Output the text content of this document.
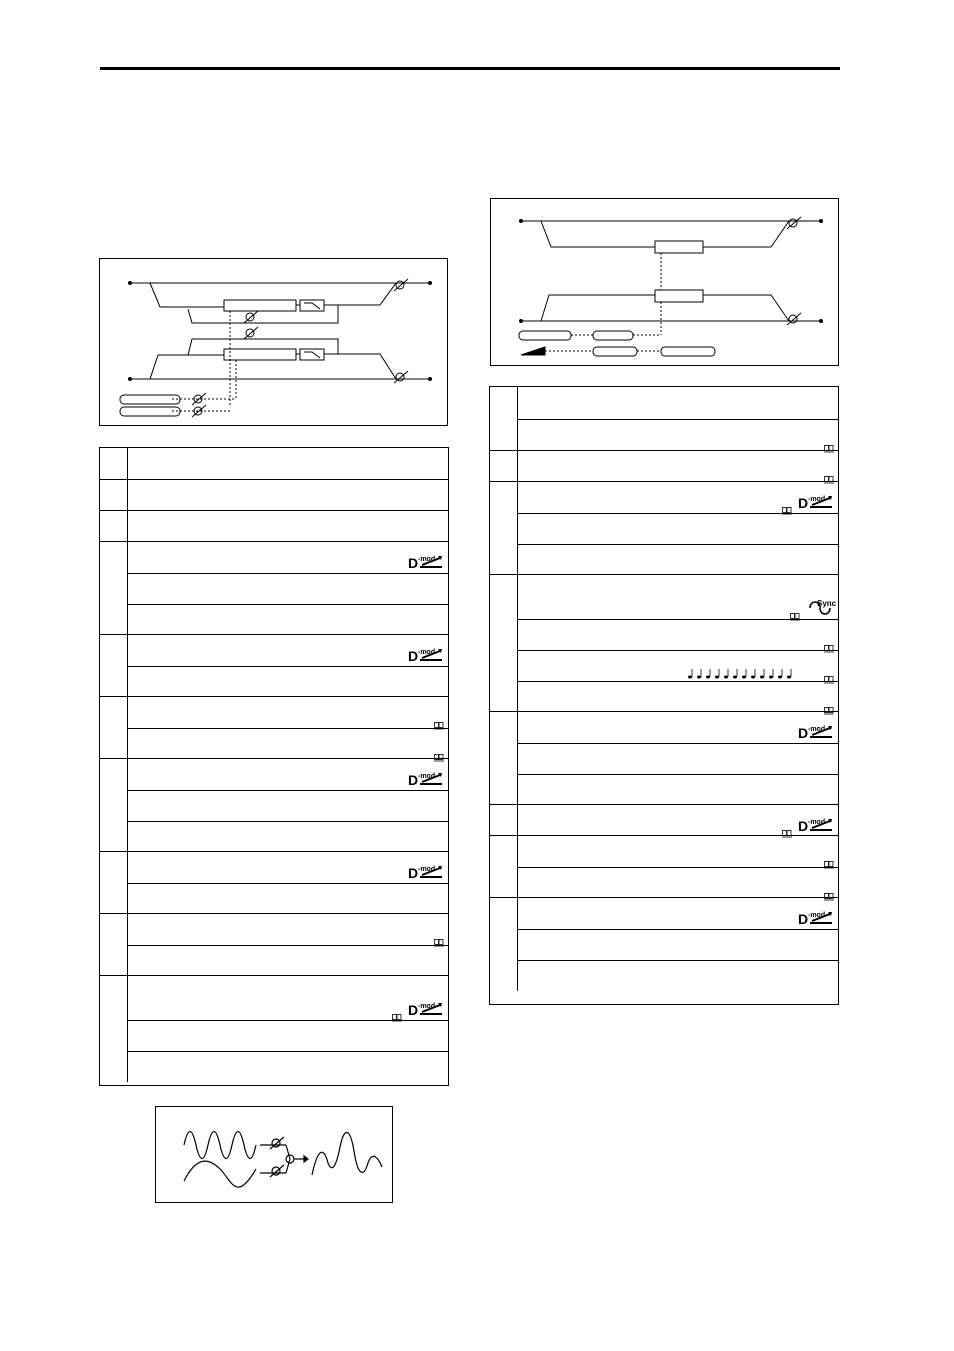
D -mod
D -mod
D -mod
D -mod
D -mod
D -mod
Sync
D -mod
D -mod
D -mod
